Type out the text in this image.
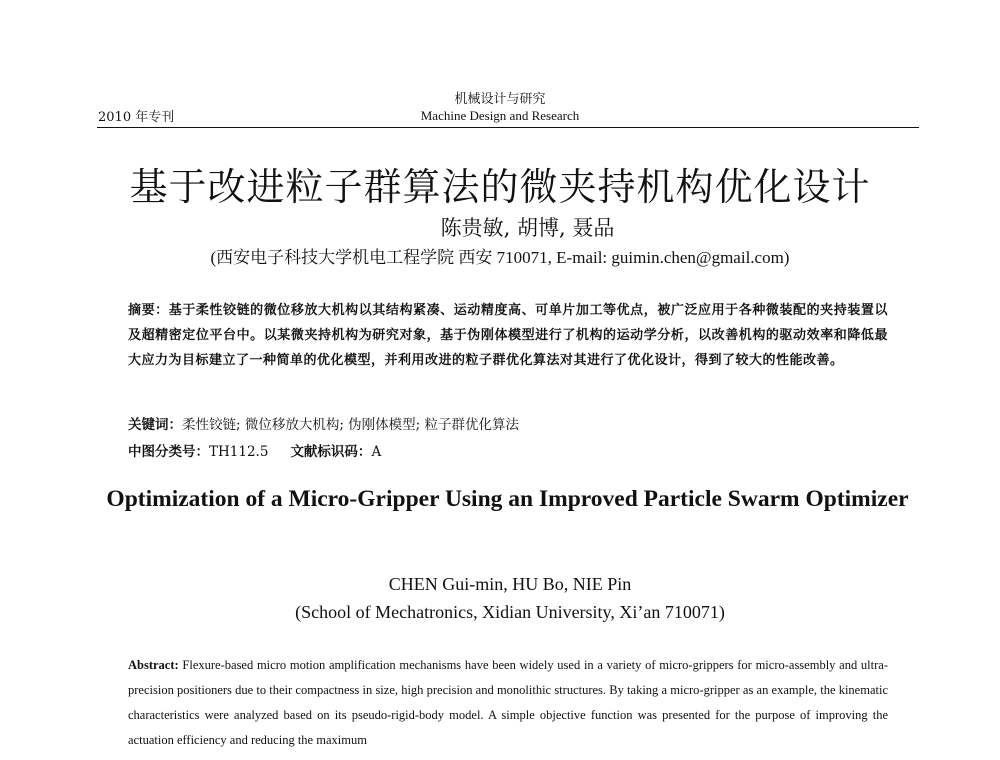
机械设计与研究
2010 年专刊	Machine Design and Research
基于改进粒子群算法的微夹持机构优化设计
陈贵敏, 胡博, 聂品
(西安电子科技大学机电工程学院 西安 710071, E-mail: guimin.chen@gmail.com)
摘要：基于柔性铰链的微位移放大机构以其结构紧凑、运动精度高、可单片加工等优点，被广泛应用于各种微装配的夹持装置以及超精密定位平台中。以某微夹持机构为研究对象，基于伪刚体模型进行了机构的运动学分析，以改善机构的驱动效率和降低最大应力为目标建立了一种简单的优化模型，并利用改进的粒子群优化算法对其进行了优化设计，得到了较大的性能改善。
关键词：柔性铰链; 微位移放大机构; 伪刚体模型; 粒子群优化算法
中图分类号：TH112.5 文献标识码：A
Optimization of a Micro-Gripper Using an Improved Particle Swarm Optimizer
CHEN Gui-min, HU Bo, NIE Pin
(School of Mechatronics, Xidian University, Xi’an 710071)
Abstract: Flexure-based micro motion amplification mechanisms have been widely used in a variety of micro-grippers for micro-assembly and ultra-precision positioners due to their compactness in size, high precision and monolithic structures. By taking a micro-gripper as an example, the kinematic characteristics were analyzed based on its pseudo-rigid-body model. A simple objective function was presented for the purpose of improving the actuation efficiency and reducing the maximum
